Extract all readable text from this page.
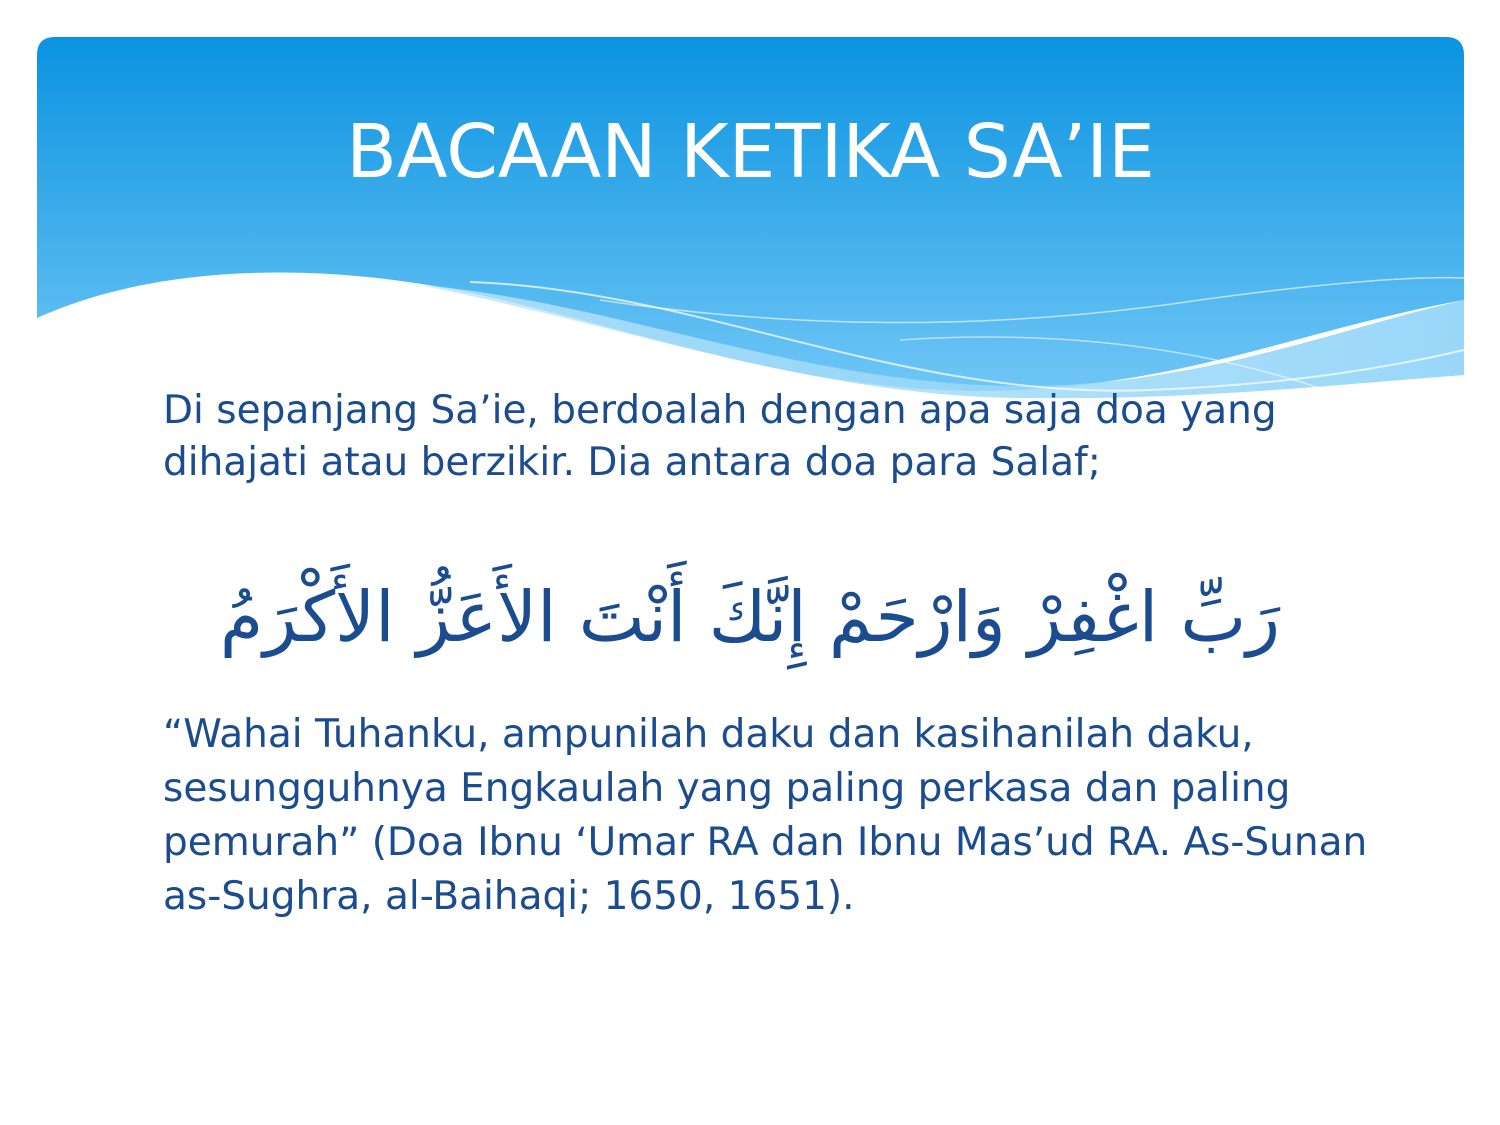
BACAAN KETIKA SA’IE

Di sepanjang Sa’ie, berdoalah dengan apa saja doa yang dihajati atau berzikir. Dia antara doa para Salaf;

رَبِّ اغْفِرْ وَارْحَمْ إِنَّكَ أَنْتَ الأَعَزُّ الأَكْرَمُ

“Wahai Tuhanku, ampunilah daku dan kasihanilah daku, sesungguhnya Engkaulah yang paling perkasa dan paling pemurah” (Doa Ibnu ‘Umar RA dan Ibnu Mas’ud RA. As-Sunan as-Sughra, al-Baihaqi; 1650, 1651).
